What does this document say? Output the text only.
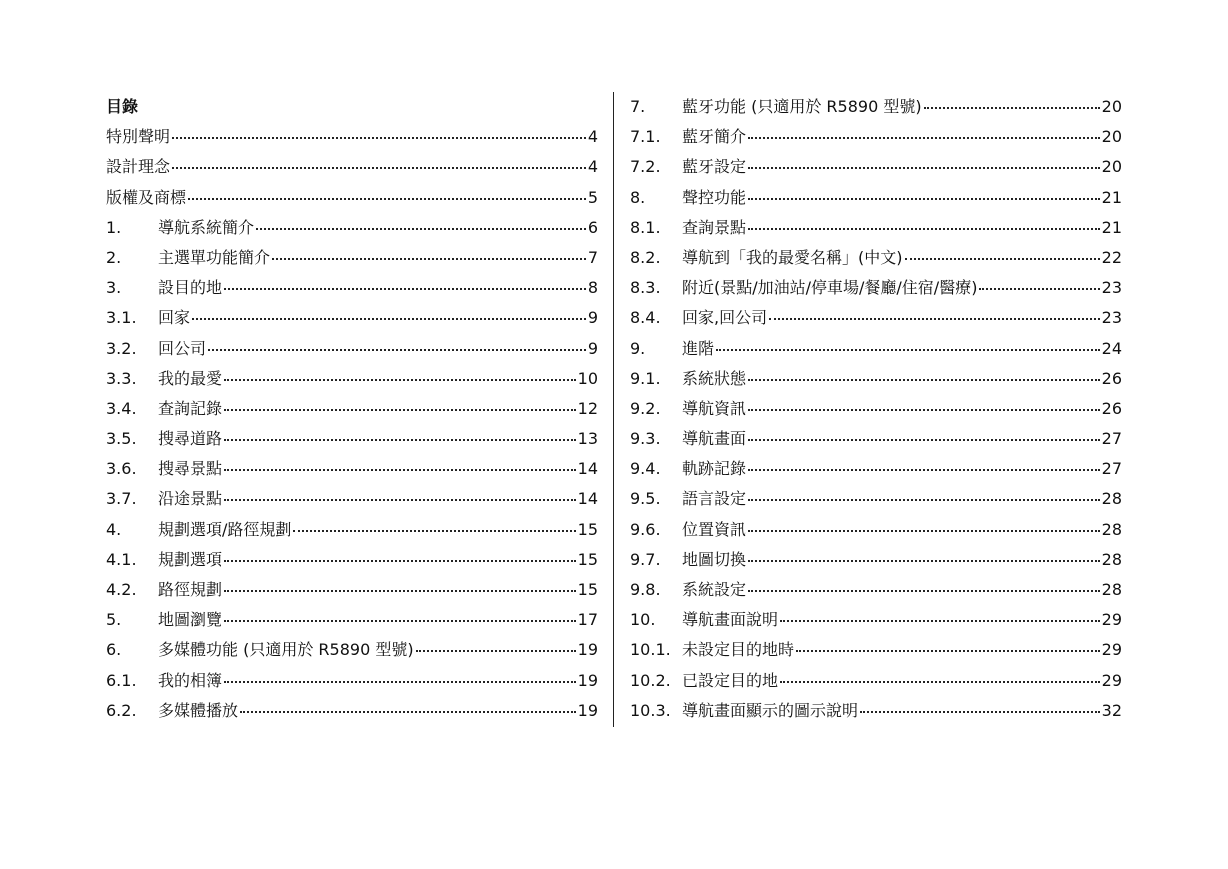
目錄
特別聲明	4
設計理念	4
版權及商標	5
1.	導航系統簡介	6
2.	主選單功能簡介	7
3.	設目的地	8
3.1.	回家	9
3.2.	回公司	9
3.3.	我的最愛	10
3.4.	查詢記錄	12
3.5.	搜尋道路	13
3.6.	搜尋景點	14
3.7.	沿途景點	14
4.	規劃選項/路徑規劃	15
4.1.	規劃選項	15
4.2.	路徑規劃	15
5.	地圖瀏覽	17
6.	多媒體功能 (只適用於 R5890 型號)	19
6.1.	我的相簿	19
6.2.	多媒體播放	19
7.	藍牙功能 (只適用於 R5890 型號)	20
7.1.	藍牙簡介	20
7.2.	藍牙設定	20
8.	聲控功能	21
8.1.	查詢景點	21
8.2.	導航到「我的最愛名稱」(中文)	22
8.3.	附近(景點/加油站/停車場/餐廳/住宿/醫療)	23
8.4.	回家,回公司	23
9.	進階	24
9.1.	系統狀態	26
9.2.	導航資訊	26
9.3.	導航畫面	27
9.4.	軌跡記錄	27
9.5.	語言設定	28
9.6.	位置資訊	28
9.7.	地圖切換	28
9.8.	系統設定	28
10.	導航畫面說明	29
10.1. 未設定目的地時	29
10.2. 已設定目的地	29
10.3. 導航畫面顯示的圖示說明	32
